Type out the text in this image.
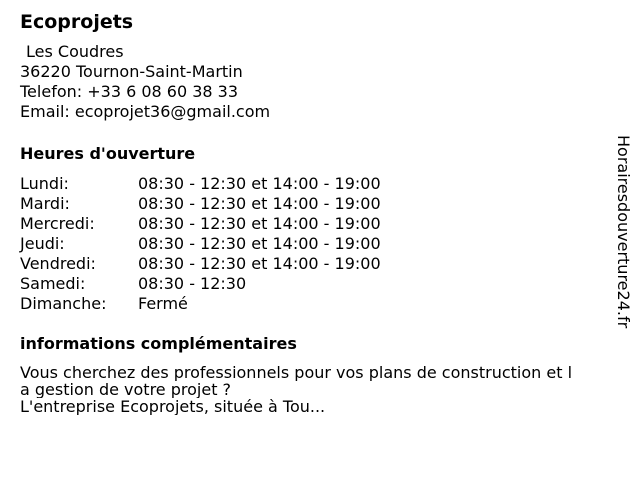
Ecoprojets
Les Coudres
36220 Tournon-Saint-Martin
Telefon: +33 6 08 60 38 33
Email: ecoprojet36@gmail.com
Heures d'ouverture
Lundi:	08:30 - 12:30 et 14:00 - 19:00
Mardi:	08:30 - 12:30 et 14:00 - 19:00
Mercredi:	08:30 - 12:30 et 14:00 - 19:00
Jeudi:	08:30 - 12:30 et 14:00 - 19:00
Vendredi:	08:30 - 12:30 et 14:00 - 19:00
Samedi:	08:30 - 12:30
Dimanche:	Fermé
informations complémentaires
Vous cherchez des professionnels pour vos plans de construction et l
a gestion de votre projet ?
L'entreprise Ecoprojets, située à Tou...
Horairesdouverture24.fr
